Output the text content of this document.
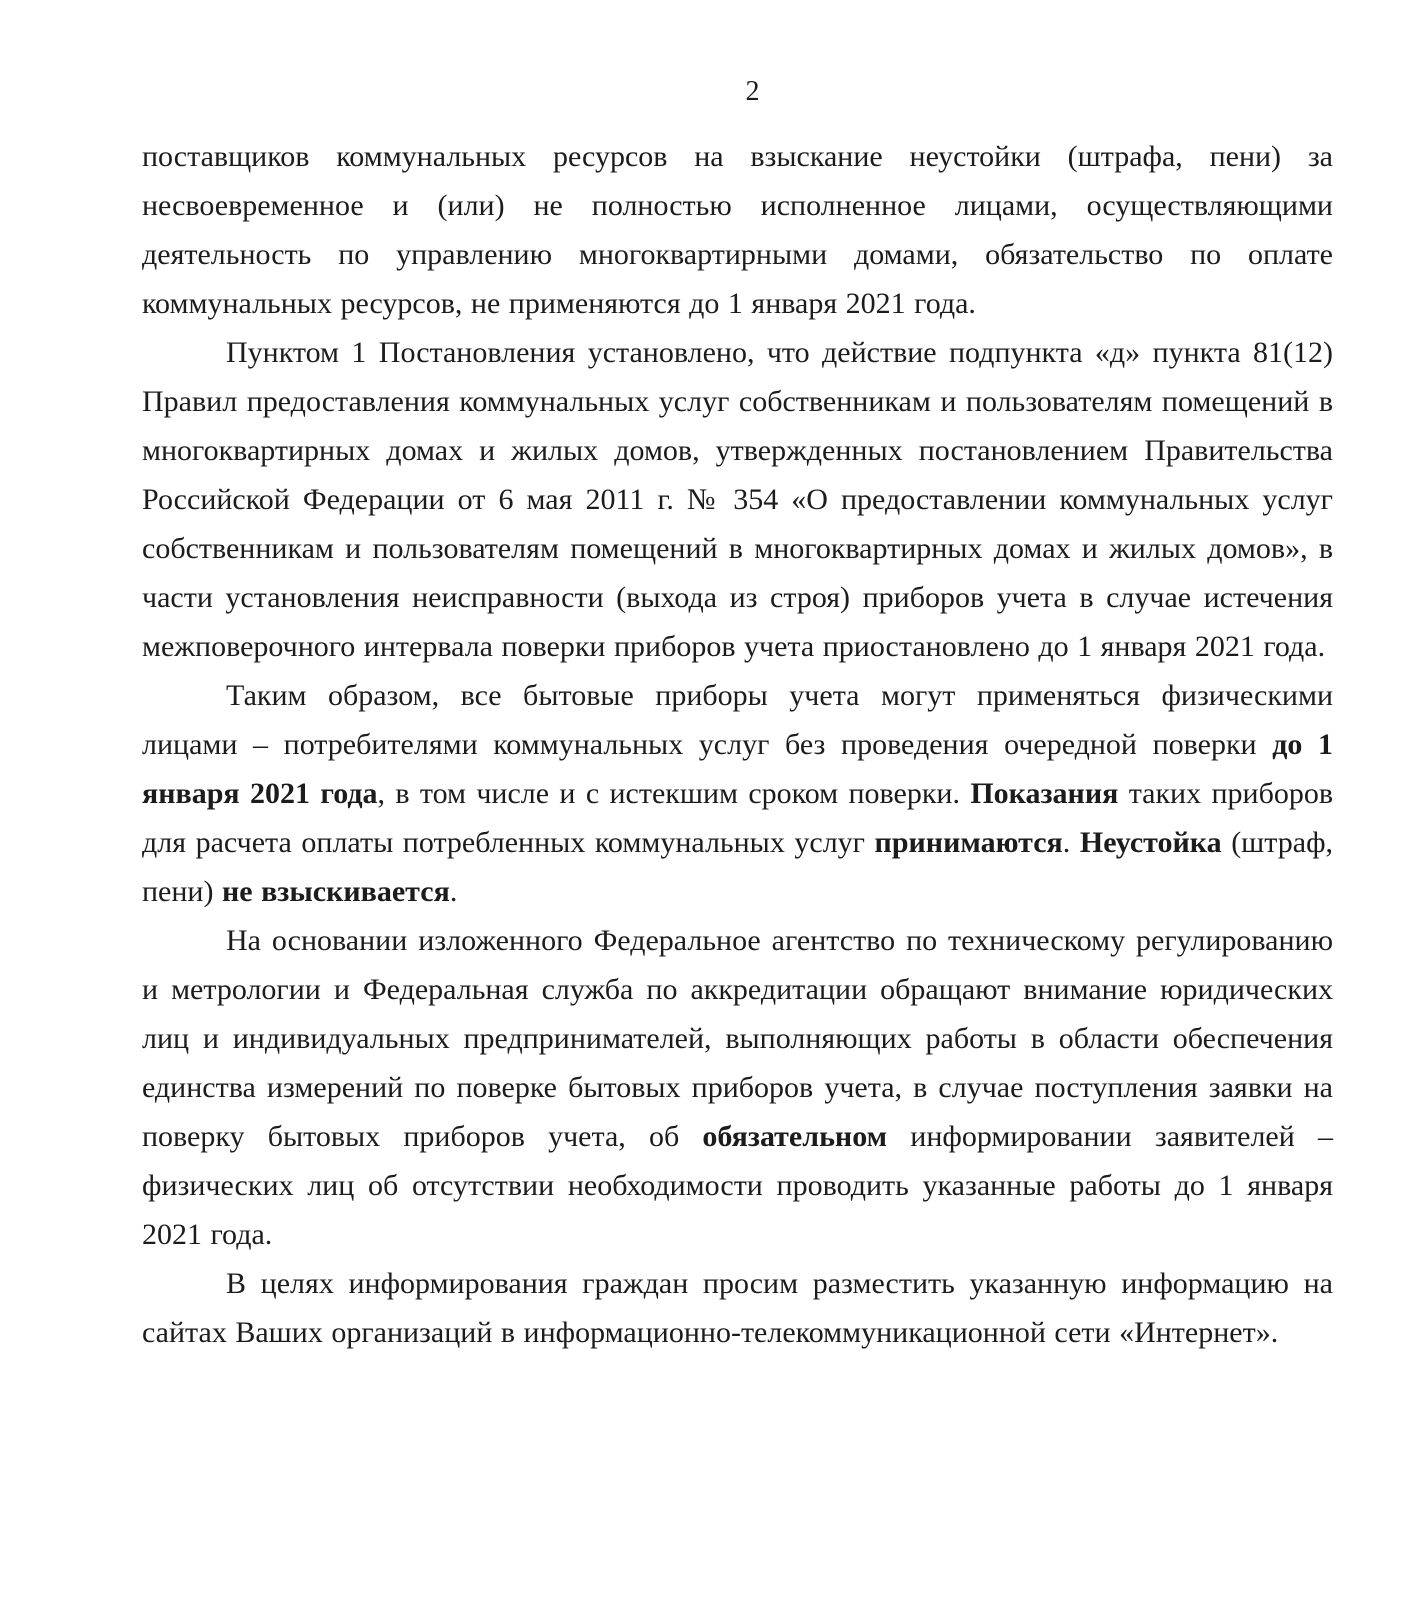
2

поставщиков коммунальных ресурсов на взыскание неустойки (штрафа, пени) за несвоевременное и (или) не полностью исполненное лицами, осуществляющими деятельность по управлению многоквартирными домами, обязательство по оплате коммунальных ресурсов, не применяются до 1 января 2021 года.

Пунктом 1 Постановления установлено, что действие подпункта «д» пункта 81(12) Правил предоставления коммунальных услуг собственникам и пользователям помещений в многоквартирных домах и жилых домов, утвержденных постановлением Правительства Российской Федерации от 6 мая 2011 г. № 354 «О предоставлении коммунальных услуг собственникам и пользователям помещений в многоквартирных домах и жилых домов», в части установления неисправности (выхода из строя) приборов учета в случае истечения межповерочного интервала поверки приборов учета приостановлено до 1 января 2021 года.

Таким образом, все бытовые приборы учета могут применяться физическими лицами – потребителями коммунальных услуг без проведения очередной поверки до 1 января 2021 года, в том числе и с истекшим сроком поверки. Показания таких приборов для расчета оплаты потребленных коммунальных услуг принимаются. Неустойка (штраф, пени) не взыскивается.

На основании изложенного Федеральное агентство по техническому регулированию и метрологии и Федеральная служба по аккредитации обращают внимание юридических лиц и индивидуальных предпринимателей, выполняющих работы в области обеспечения единства измерений по поверке бытовых приборов учета, в случае поступления заявки на поверку бытовых приборов учета, об обязательном информировании заявителей – физических лиц об отсутствии необходимости проводить указанные работы до 1 января 2021 года.

В целях информирования граждан просим разместить указанную информацию на сайтах Ваших организаций в информационно-телекоммуникационной сети «Интернет».
